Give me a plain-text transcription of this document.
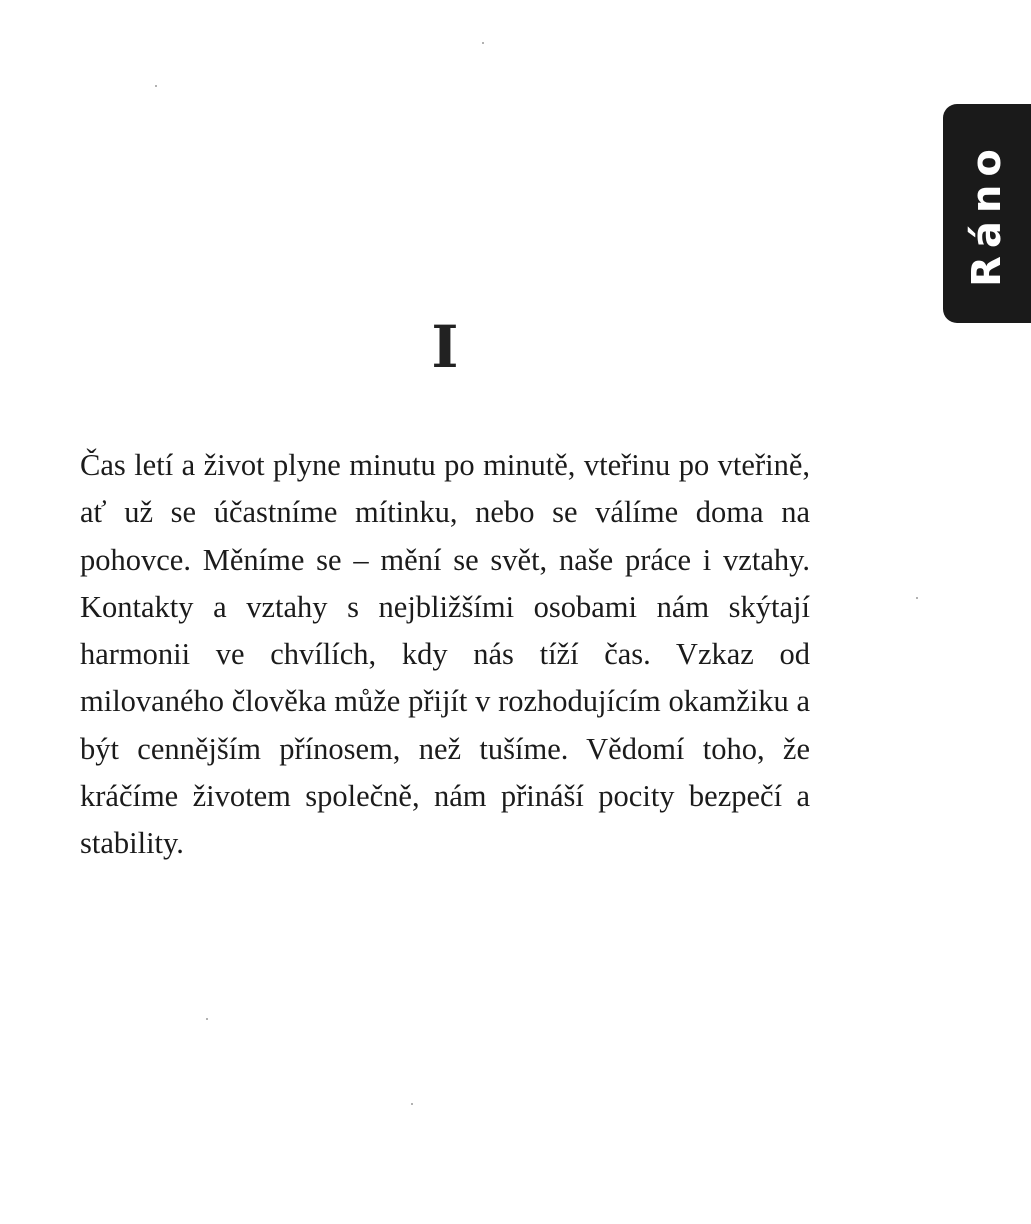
Ráno
I

Čas letí a život plyne minutu po minutě, vteřinu po vteřině, ať už se účastníme mítinku, nebo se válíme doma na pohovce. Měníme se – mění se svět, naše práce i vztahy. Kontakty a vztahy s nejbližšími osobami nám skýtají harmonii ve chvílích, kdy nás tíží čas. Vzkaz od milovaného člověka může přijít v rozhodujícím okamžiku a být cennějším přínosem, než tušíme. Vědomí toho, že kráčíme životem společně, nám přináší pocity bezpečí a stability.
